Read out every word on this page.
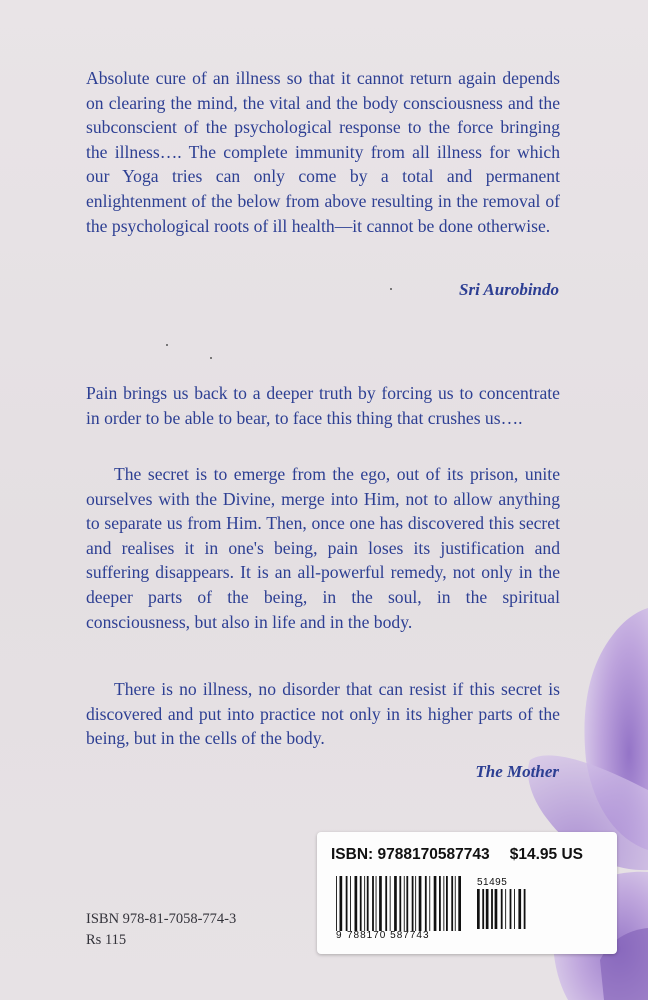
Absolute cure of an illness so that it cannot return again depends on clearing the mind, the vital and the body consciousness and the subconscient of the psychological response to the force bringing the illness…. The complete immunity from all illness for which our Yoga tries can only come by a total and permanent enlightenment of the below from above resulting in the removal of the psychological roots of ill health—it cannot be done otherwise.

Sri Aurobindo

Pain brings us back to a deeper truth by forcing us to concentrate in order to be able to bear, to face this thing that crushes us….

The secret is to emerge from the ego, out of its prison, unite ourselves with the Divine, merge into Him, not to allow anything to separate us from Him. Then, once one has discovered this secret and realises it in one's being, pain loses its justification and suffering disappears. It is an all-powerful remedy, not only in the deeper parts of the being, in the soul, in the spiritual consciousness, but also in life and in the body.

There is no illness, no disorder that can resist if this secret is discovered and put into practice not only in its higher parts of the being, but in the cells of the body.

The Mother
ISBN 978-81-7058-774-3
Rs 115
ISBN: 9788170587743 $14.95 US
9 788170 587743
51495
